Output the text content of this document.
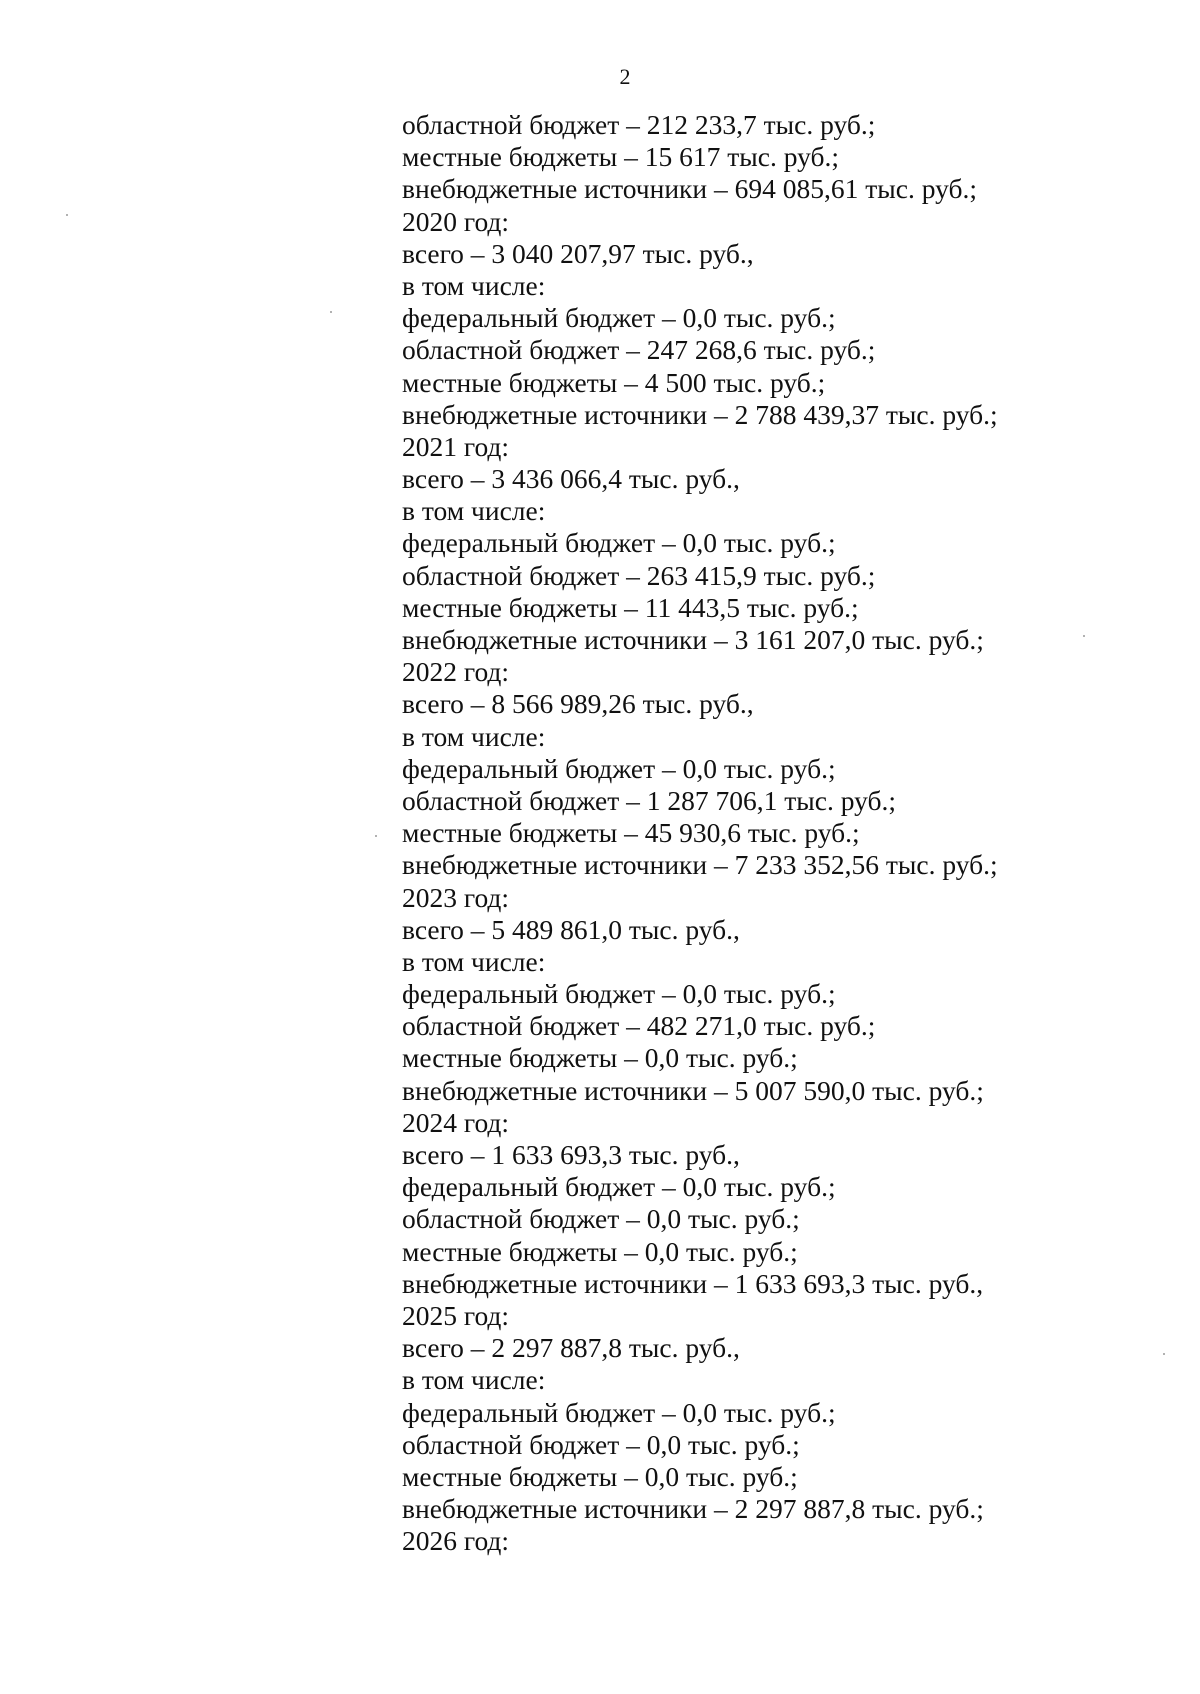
2
областной бюджет – 212 233,7 тыс. руб.;
местные бюджеты – 15 617 тыс. руб.;
внебюджетные источники – 694 085,61 тыс. руб.;
2020 год:
всего – 3 040 207,97 тыс. руб.,
в том числе:
федеральный бюджет – 0,0 тыс. руб.;
областной бюджет – 247 268,6 тыс. руб.;
местные бюджеты – 4 500 тыс. руб.;
внебюджетные источники – 2 788 439,37 тыс. руб.;
2021 год:
всего – 3 436 066,4 тыс. руб.,
в том числе:
федеральный бюджет – 0,0 тыс. руб.;
областной бюджет – 263 415,9 тыс. руб.;
местные бюджеты – 11 443,5 тыс. руб.;
внебюджетные источники – 3 161 207,0 тыс. руб.;
2022 год:
всего – 8 566 989,26 тыс. руб.,
в том числе:
федеральный бюджет – 0,0 тыс. руб.;
областной бюджет – 1 287 706,1 тыс. руб.;
местные бюджеты – 45 930,6 тыс. руб.;
внебюджетные источники – 7 233 352,56 тыс. руб.;
2023 год:
всего – 5 489 861,0 тыс. руб.,
в том числе:
федеральный бюджет – 0,0 тыс. руб.;
областной бюджет – 482 271,0 тыс. руб.;
местные бюджеты – 0,0 тыс. руб.;
внебюджетные источники – 5 007 590,0 тыс. руб.;
2024 год:
всего – 1 633 693,3 тыс. руб.,
федеральный бюджет – 0,0 тыс. руб.;
областной бюджет – 0,0 тыс. руб.;
местные бюджеты – 0,0 тыс. руб.;
внебюджетные источники – 1 633 693,3 тыс. руб.,
2025 год:
всего – 2 297 887,8 тыс. руб.,
в том числе:
федеральный бюджет – 0,0 тыс. руб.;
областной бюджет – 0,0 тыс. руб.;
местные бюджеты – 0,0 тыс. руб.;
внебюджетные источники – 2 297 887,8 тыс. руб.;
2026 год:
